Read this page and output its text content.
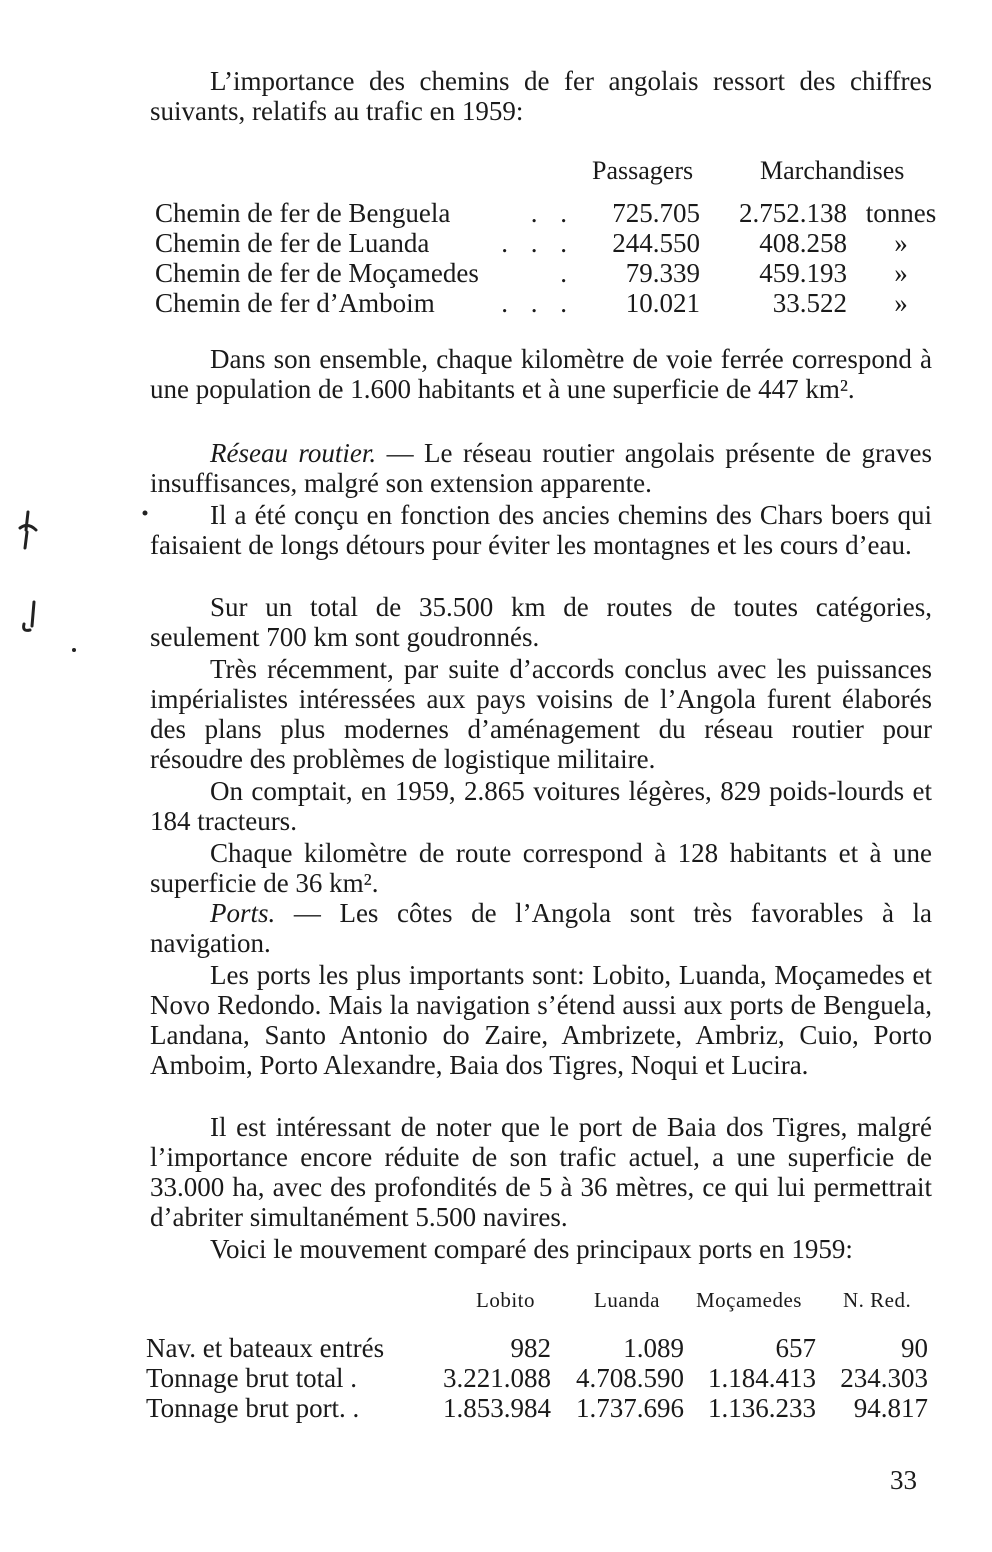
L’importance des chemins de fer angolais ressort des chiffres suivants, relatifs au trafic en 1959:

Passagers	Marchandises
Chemin de fer de Benguela	. .	725.705	2.752.138 tonnes
Chemin de fer de Luanda	. . .	244.550	408.258	»
Chemin de fer de Moçamedes	.	79.339	459.193	»
Chemin de fer d’Amboim	. . .	10.021	33.522	»

Dans son ensemble, chaque kilomètre de voie ferrée correspond à une population de 1.600 habitants et à une superficie de 447 km².

Réseau routier. — Le réseau routier angolais présente de graves insuffisances, malgré son extension apparente.

Il a été conçu en fonction des ancies chemins des Chars boers qui faisaient de longs détours pour éviter les montagnes et les cours d’eau.

Sur un total de 35.500 km de routes de toutes catégories, seulement 700 km sont goudronnés.

Très récemment, par suite d’accords conclus avec les puissances impérialistes intéressées aux pays voisins de l’Angola furent élaborés des plans plus modernes d’aménagement du réseau routier pour résoudre des problèmes de logistique militaire.

On comptait, en 1959, 2.865 voitures légères, 829 poids-lourds et 184 tracteurs.

Chaque kilomètre de route correspond à 128 habitants et à une superficie de 36 km².

Ports. — Les côtes de l’Angola sont très favorables à la navigation.

Les ports les plus importants sont: Lobito, Luanda, Moçamedes et Novo Redondo. Mais la navigation s’étend aussi aux ports de Benguela, Landana, Santo Antonio do Zaire, Ambrizete, Ambriz, Cuio, Porto Amboim, Porto Alexandre, Baia dos Tigres, Noqui et Lucira.

Il est intéressant de noter que le port de Baia dos Tigres, malgré l’importance encore réduite de son trafic actuel, a une superficie de 33.000 ha, avec des profondités de 5 à 36 mètres, ce qui lui permettrait d’abriter simultanément 5.500 navires.

Voici le mouvement comparé des principaux ports en 1959:

Lobito	Luanda Moçamedes N. Red.
Nav. et bateaux entrés	982	1.089	657	90
Tonnage brut total .	3.221.088 4.708.590 1.184.413 234.303
Tonnage brut port. .	1.853.984 1.737.696 1.136.233	94.817
33
